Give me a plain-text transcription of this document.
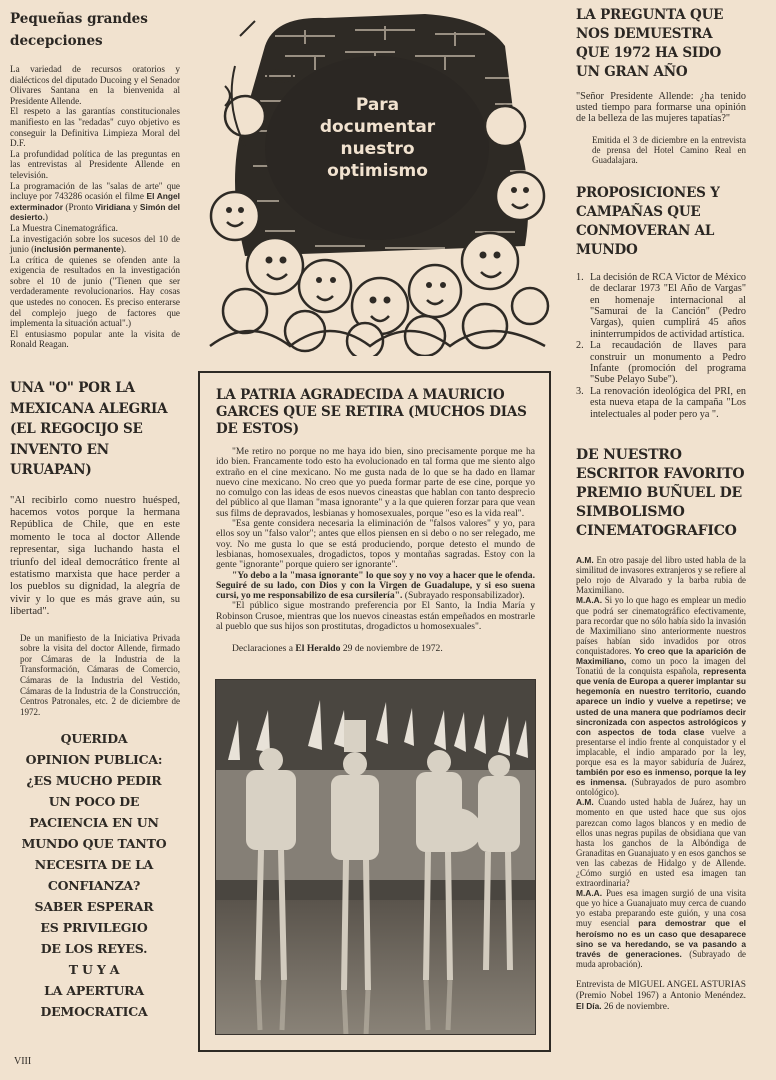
Pequeñas grandes decepciones

La variedad de recursos oratorios y dialécticos del diputado Ducoing y el Senador Olivares Santana en la bienvenida al Presidente Allende.

El respeto a las garantías constitucionales manifiesto en las "redadas" cuyo objetivo es conseguir la Definitiva Limpieza Moral del D.F.

La profundidad política de las preguntas en las entrevistas al Presidente Allende en televisión.

La programación de las "salas de arte" que incluye por 743286 ocasión el filme El Angel exterminador (Pronto Viridiana y Simón del desierto.)

La Muestra Cinematográfica.

La investigación sobre los sucesos del 10 de junio (inclusión permanente).

La crítica de quienes se ofenden ante la exigencia de resultados en la investigación sobre el 10 de junio ("Tienen que ser verdaderamente revolucionarios. Hay cosas que ustedes no conocen. Es preciso enterarse del complejo juego de factores que implementa la situación actual".)

El entusiasmo popular ante la visita de Ronald Reagan.

UNA "O" POR LA MEXICANA ALEGRIA (EL REGOCIJO SE INVENTO EN URUAPAN)

"Al recibirlo como nuestro huésped, hacemos votos porque la hermana República de Chile, que en este momento le toca al doctor Allende representar, siga luchando hasta el triunfo del ideal democrático frente al estatismo marxista que hace perder a los pueblos su dignidad, la alegría de vivir y lo que es más grave aún, su libertad".

De un manifiesto de la Iniciativa Privada sobre la visita del doctor Allende, firmado por Cámaras de la Industria de la Transformación, Cámaras de Comercio, Cámaras de la Industria del Vestido, Cámaras de la Industria de la Construcción, Centros Patronales, etc. 2 de diciembre de 1972.

QUERIDA

OPINION PUBLICA:

¿ES MUCHO PEDIR

UN POCO DE

PACIENCIA EN UN

MUNDO QUE TANTO

NECESITA DE LA

CONFIANZA?

SABER ESPERAR

ES PRIVILEGIO

DE LOS REYES.

T U Y A

LA APERTURA

DEMOCRATICA

VIII
Para
documentar
nuestro
optimismo
LA PATRIA AGRADECIDA A MAURICIO GARCES QUE SE RETIRA (MUCHOS DIAS DE ESTOS)

"Me retiro no porque no me haya ido bien, sino precisamente porque me ha ido bien. Francamente todo esto ha evolucionado en tal forma que me siento algo extraño en el cine mexicano. No me gusta nada de lo que se ha dado en llamar nuevo cine mexicano. No creo que yo pueda formar parte de ese cine, porque yo no comulgo con las ideas de esos nuevos cineastas que hablan con tanto desprecio del público al que llaman "masa ignorante" y a la que quieren forzar para que vean sus films de depravados, lesbianas y homosexuales, porque "eso es la vida real".

"Esa gente considera necesaria la eliminación de "falsos valores" y yo, para ellos soy un "falso valor"; antes que ellos piensen en si debo o no ser relegado, me voy. No me gusta lo que se está produciendo, porque detesto el mundo de lesbianas, homosexuales, drogadictos, topos y montañas sagradas. Estoy con la gente "ignorante" porque quiero ser ignorante".

"Yo debo a la "masa ignorante" lo que soy y no voy a hacer que le ofenda. Seguiré de su lado, con Dios y con la Virgen de Guadalupe, y si eso suena cursi, yo me responsabilizo de esa cursilería". (Subrayado responsabilizador).

"El público sigue mostrando preferencia por El Santo, la India María y Robinson Crusoe, mientras que los nuevos cineastas están empeñados en mostrarle al pueblo que sus hijos son prostitutas, drogadictos u homosexuales".

Declaraciones a El Heraldo 29 de noviembre de 1972.

LA PREGUNTA QUE NOS DEMUESTRA QUE 1972 HA SIDO UN GRAN AÑO

"Señor Presidente Allende: ¿ha tenido usted tiempo para formarse una opinión de la belleza de las mujeres tapatías?"

Emitida el 3 de diciembre en la entrevista de prensa del Hotel Camino Real en Guadalajara.

PROPOSICIONES Y CAMPAÑAS QUE CONMOVERAN AL MUNDO
1. La decisión de RCA Victor de México de declarar 1973 "El Año de Vargas" en homenaje internacional al "Samurai de la Canción" (Pedro Vargas), quien cumplirá 45 años ininterrumpidos de actividad artística.
2. La recaudación de llaves para construir un monumento a Pedro Infante (promoción del programa "Sube Pelayo Sube").
3. La renovación ideológica del PRI, en esta nueva etapa de la campaña "Los intelectuales al poder pero ya ".
DE NUESTRO ESCRITOR FAVORITO PREMIO BUÑUEL DE SIMBOLISMO CINEMATOGRAFICO

A.M. En otro pasaje del libro usted habla de la similitud de invasores extranjeros y se refiere al pelo rojo de Alvarado y la barba rubia de Maximiliano.

M.A.A. Si yo lo que hago es emplear un medio que podrá ser cinematográfico efectivamente, para recordar que no sólo había sido la invasión de Maximiliano sino anteriormente nuestros países habían sido invadidos por otros conquistadores. Yo creo que la aparición de Maximiliano, como un poco la imagen del Tonatiú de la conquista española, representa que venía de Europa a querer implantar su hegemonía en nuestro territorio, cuando aparece un indio y vuelve a repetirse; ve usted de una manera que podríamos decir sincronizada con aspectos astrológicos y con aspectos de toda clase vuelve a presentarse el indio frente al conquistador y el implacable, el indio amparado por la ley, porque esa es la mayor sabiduría de Juárez, también por eso es inmenso, porque la ley es inmensa. (Subrayados de puro asombro ontológico).

A.M. Cuando usted habla de Juárez, hay un momento en que usted hace que sus ojos parezcan como lagos blancos y en medio de ellos unas negras pupilas de obsidiana que van hasta los ganchos de la Albóndiga de Granaditas en Guanajuato y en esos ganchos se ven las cabezas de Hidalgo y de Allende. ¿Cómo surgió en usted esa imagen tan extraordinaria?

M.A.A. Pues esa imagen surgió de una visita que yo hice a Guanajuato muy cerca de cuando yo estaba preparando este guión, y una cosa muy esencial para demostrar que el heroísmo no es un caso que desaparece sino se va heredando, se va pasando a través de generaciones. (Subrayado de muda aprobación).

Entrevista de MIGUEL ANGEL ASTURIAS (Premio Nobel 1967) a Antonio Menéndez. El Día. 26 de noviembre.
